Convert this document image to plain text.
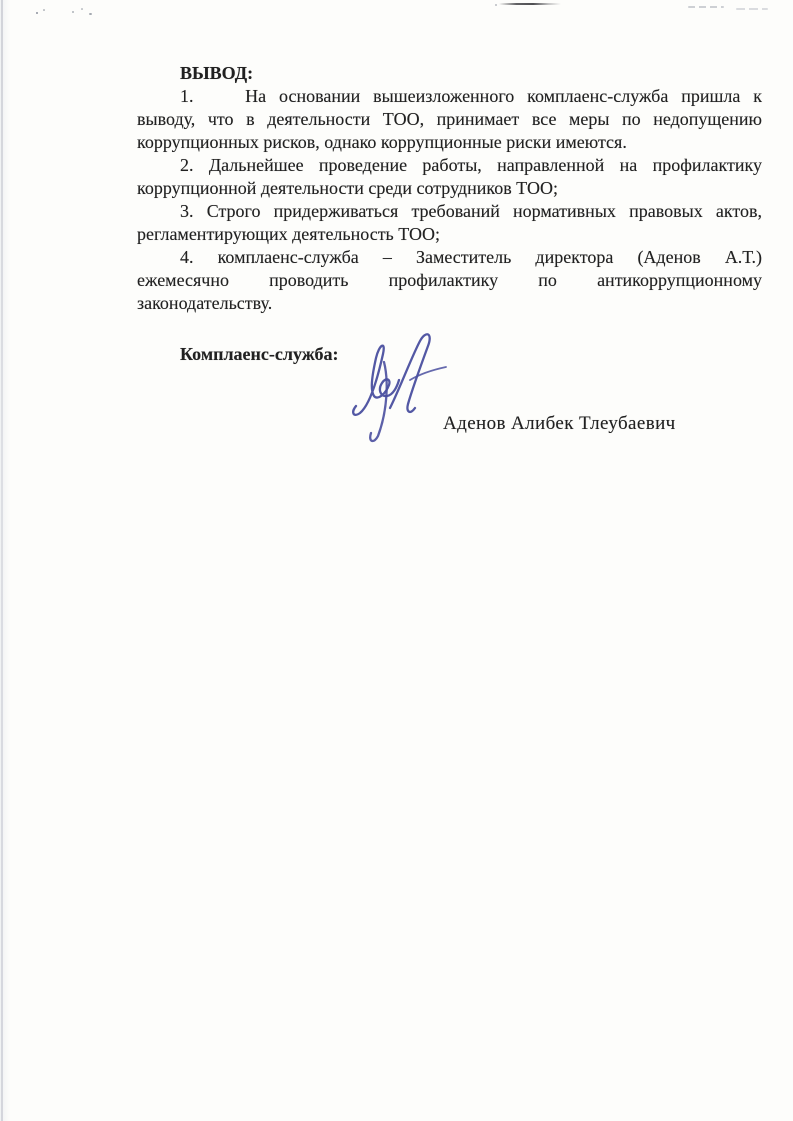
ВЫВОД:
1.    На основании вышеизложенного комплаенс-служба пришла к
выводу, что в деятельности ТОО, принимает все меры по недопущению
коррупционных рисков, однако коррупционные риски имеются.
2. Дальнейшее проведение работы, направленной на профилактику
коррупционной деятельности среди сотрудников ТОО;
3. Строго придерживаться требований нормативных правовых актов,
регламентирующих деятельность ТОО;
4. комплаенс-служба – Заместитель директора (Аденов А.Т.)
ежемесячно проводить профилактику по антикоррупционному
законодательству.
Комплаенс-служба:
Аденов Алибек Тлеубаевич
